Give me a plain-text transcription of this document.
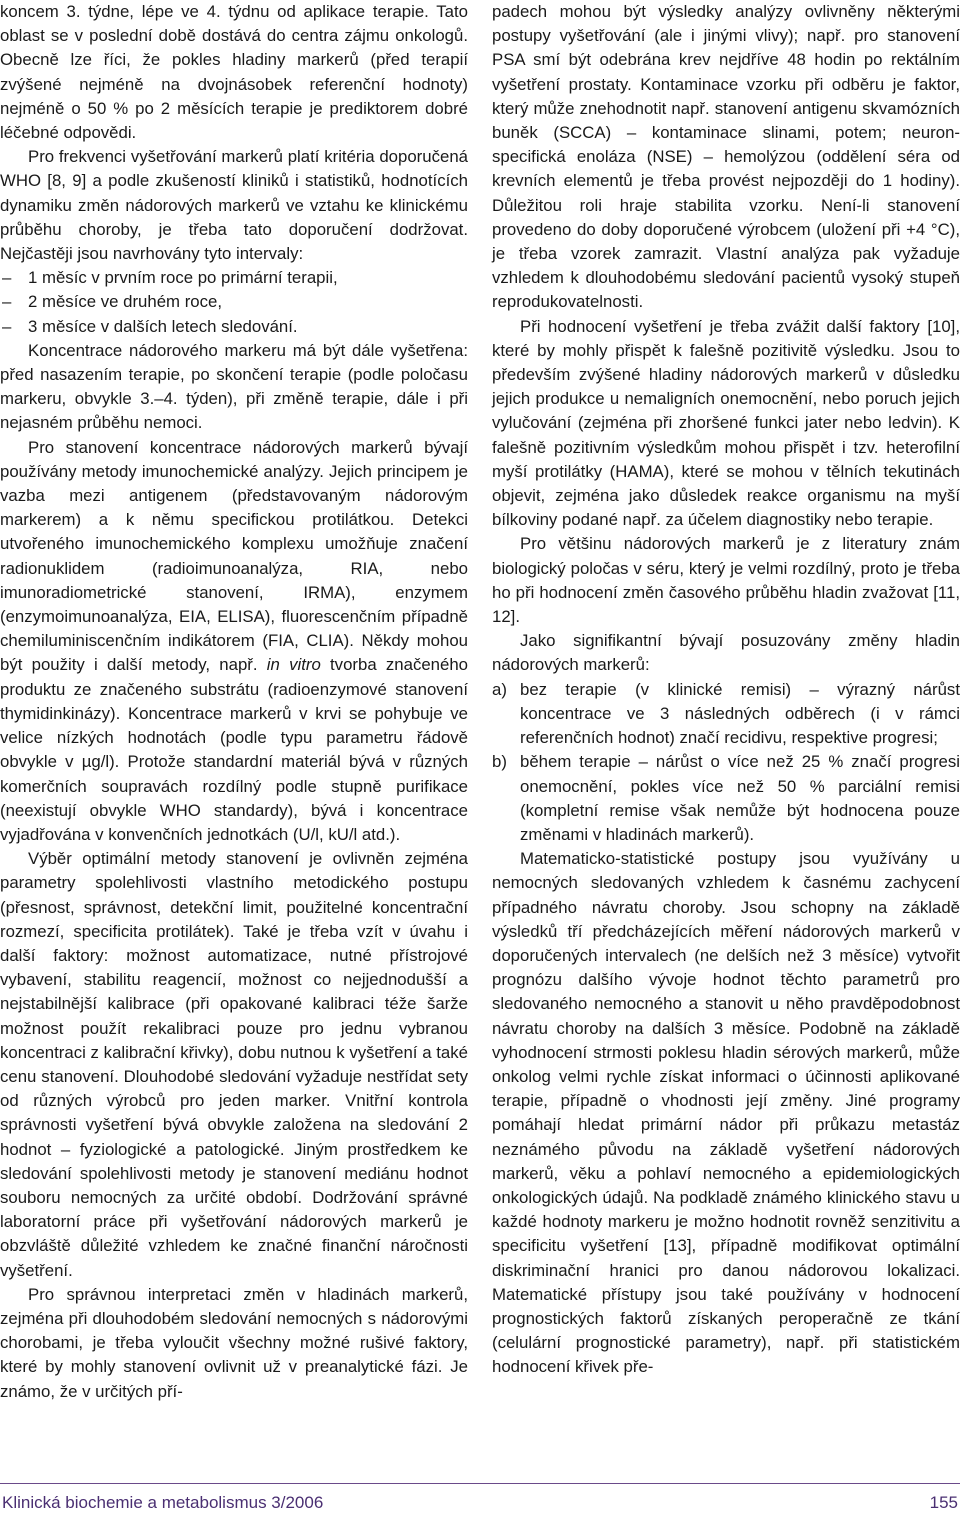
koncem 3. týdne, lépe ve 4. týdnu od aplikace terapie. Tato oblast se v poslední době dostává do centra zájmu onkologů. Obecně lze říci, že pokles hladiny markerů (před terapií zvýšené nejméně na dvojnásobek referenční hodnoty) nejméně o 50 % po 2 měsících terapie je prediktorem dobré léčebné odpovědi.

Pro frekvenci vyšetřování markerů platí kritéria doporučená WHO [8, 9] a podle zkušeností kliniků i statistiků, hodnotících dynamiku změn nádorových markerů ve vztahu ke klinickému průběhu choroby, je třeba tato doporučení dodržovat. Nejčastěji jsou navrhovány tyto intervaly:

– 1 měsíc v prvním roce po primární terapii,
– 2 měsíce ve druhém roce,
– 3 měsíce v dalších letech sledování.

Koncentrace nádorového markeru má být dále vyšetřena: před nasazením terapie, po skončení terapie (podle poločasu markeru, obvykle 3.–4. týden), při změně terapie, dále i při nejasném průběhu nemoci.

Pro stanovení koncentrace nádorových markerů bývají používány metody imunochemické analýzy. Jejich principem je vazba mezi antigenem (představovaným nádorovým markerem) a k němu specifickou protilátkou. Detekci utvořeného imunochemického komplexu umožňuje značení radionuklidem (radioimunoanalýza, RIA, nebo imunoradiometrické stanovení, IRMA), enzymem (enzymoimunoanalýza, EIA, ELISA), fluorescenčním případně chemiluminiscenčním indikátorem (FIA, CLIA). Někdy mohou být použity i další metody, např. in vitro tvorba značeného produktu ze značeného substrátu (radioenzymové stanovení thymidinkinázy). Koncentrace markerů v krvi se pohybuje ve velice nízkých hodnotách (podle typu parametru řádově obvykle v µg/l). Protože standardní materiál bývá v různých komerčních soupravách rozdílný podle stupně purifikace (neexistují obvykle WHO standardy), bývá i koncentrace vyjadřována v konvenčních jednotkách (U/l, kU/l atd.).

Výběr optimální metody stanovení je ovlivněn zejména parametry spolehlivosti vlastního metodického postupu (přesnost, správnost, detekční limit, použitelné koncentrační rozmezí, specificita protilátek). Také je třeba vzít v úvahu i další faktory: možnost automatizace, nutné přístrojové vybavení, stabilitu reagencií, možnost co nejjednodušší a nejstabilnější kalibrace (při opakované kalibraci téže šarže možnost použít rekalibraci pouze pro jednu vybranou koncentraci z kalibrační křivky), dobu nutnou k vyšetření a také cenu stanovení. Dlouhodobé sledování vyžaduje nestřídat sety od různých výrobců pro jeden marker. Vnitřní kontrola správnosti vyšetření bývá obvykle založena na sledování 2 hodnot – fyziologické a patologické. Jiným prostředkem ke sledování spolehlivosti metody je stanovení mediánu hodnot souboru nemocných za určité období. Dodržování správné laboratorní práce při vyšetřování nádorových markerů je obzvláště důležité vzhledem ke značné finanční náročnosti vyšetření.

Pro správnou interpretaci změn v hladinách markerů, zejména při dlouhodobém sledování nemocných s nádorovými chorobami, je třeba vyloučit všechny možné rušivé faktory, které by mohly stanovení ovlivnit už v preanalytické fázi. Je známo, že v určitých pří-

padech mohou být výsledky analýzy ovlivněny některými postupy vyšetřování (ale i jinými vlivy); např. pro stanovení PSA smí být odebrána krev nejdříve 48 hodin po rektálním vyšetření prostaty. Kontaminace vzorku při odběru je faktor, který může znehodnotit např. stanovení antigenu skvamózních buněk (SCCA) – kontaminace slinami, potem; neuron-specifická enoláza (NSE) – hemolýzou (oddělení séra od krevních elementů je třeba provést nejpozději do 1 hodiny). Důležitou roli hraje stabilita vzorku. Není-li stanovení provedeno do doby doporučené výrobcem (uložení při +4 °C), je třeba vzorek zamrazit. Vlastní analýza pak vyžaduje vzhledem k dlouhodobému sledování pacientů vysoký stupeň reprodukovatelnosti.

Při hodnocení vyšetření je třeba zvážit další faktory [10], které by mohly přispět k falešně pozitivitě výsledku. Jsou to především zvýšené hladiny nádorových markerů v důsledku jejich produkce u nemaligních onemocnění, nebo poruch jejich vylučování (zejména při zhoršené funkci jater nebo ledvin). K falešně pozitivním výsledkům mohou přispět i tzv. heterofilní myší protilátky (HAMA), které se mohou v tělních tekutinách objevit, zejména jako důsledek reakce organismu na myší bílkoviny podané např. za účelem diagnostiky nebo terapie.

Pro většinu nádorových markerů je z literatury znám biologický poločas v séru, který je velmi rozdílný, proto je třeba ho při hodnocení změn časového průběhu hladin zvažovat [11, 12].

Jako signifikantní bývají posuzovány změny hladin nádorových markerů:

a) bez terapie (v klinické remisi) – výrazný nárůst koncentrace ve 3 následných odběrech (i v rámci referenčních hodnot) značí recidivu, respektive progresi;
b) během terapie – nárůst o více než 25 % značí progresi onemocnění, pokles více než 50 % parciální remisi (kompletní remise však nemůže být hodnocena pouze změnami v hladinách markerů).

Matematicko-statistické postupy jsou využívány u nemocných sledovaných vzhledem k časnému zachycení případného návratu choroby. Jsou schopny na základě výsledků tří předcházejících měření nádorových markerů v doporučených intervalech (ne delších než 3 měsíce) vytvořit prognózu dalšího vývoje hodnot těchto parametrů pro sledovaného nemocného a stanovit u něho pravděpodobnost návratu choroby na dalších 3 měsíce. Podobně na základě vyhodnocení strmosti poklesu hladin sérových markerů, může onkolog velmi rychle získat informaci o účinnosti aplikované terapie, případně o vhodnosti její změny. Jiné programy pomáhají hledat primární nádor při průkazu metastáz neznámého původu na základě vyšetření nádorových markerů, věku a pohlaví nemocného a epidemiologických onkologických údajů. Na podkladě známého klinického stavu u každé hodnoty markeru je možno hodnotit rovněž senzitivitu a specificitu vyšetření [13], případně modifikovat optimální diskriminační hranici pro danou nádorovou lokalizaci. Matematické přístupy jsou také používány v hodnocení prognostických faktorů získaných peroperačně ze tkání (celulární prognostické parametry), např. při statistickém hodnocení křivek pře-

Klinická biochemie a metabolismus 3/2006	155
